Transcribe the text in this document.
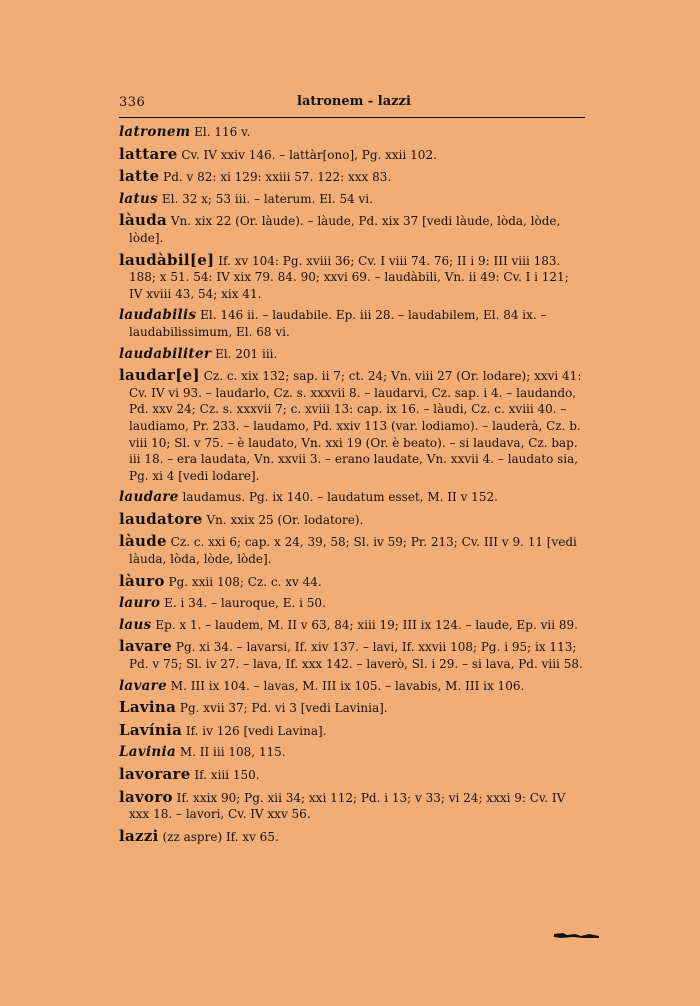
336	latronem - lazzi
latronem El. 116 v.
lattare Cv. IV xxiv 146. – lattàr[ono], Pg. xxii 102.
latte Pd. v 82: xi 129: xxiii 57. 122: xxx 83.
latus El. 32 x; 53 iii. – laterum. El. 54 vi.
làuda Vn. xix 22 (Or. làude). – làude, Pd. xix 37 [vedi làude, lòda, lòde, lòde].
laudàbil[e] If. xv 104: Pg. xviii 36; Cv. I viii 74. 76; II i 9: III viii 183. 188; x 51. 54: IV xix 79. 84. 90; xxvi 69. – laudàbili, Vn. ii 49: Cv. I i 121; IV xviii 43, 54; xix 41.
laudabilis El. 146 ii. – laudabile. Ep. iii 28. – laudabilem, El. 84 ix. – laudabilissimum, El. 68 vi.
laudabiliter El. 201 iii.
laudar[e] Cz. c. xix 132; sap. ii 7; ct. 24; Vn. viii 27 (Or. lodare); xxvi 41: Cv. IV vi 93. – laudarlo, Cz. s. xxxvii 8. – laudarvi, Cz. sap. i 4. – laudando, Pd. xxv 24; Cz. s. xxxvii 7; c. xviii 13: cap. ix 16. – làudi, Cz. c. xviii 40. – laudiamo, Pr. 233. – laudamo, Pd. xxiv 113 (var. lodiamo). – lauderà, Cz. b. viii 10; Sl. v 75. – è laudato, Vn. xxi 19 (Or. è beato). – si laudava, Cz. bap. iii 18. – era laudata, Vn. xxvii 3. – erano laudate, Vn. xxvii 4. – laudato sia, Pg. xi 4 [vedi lodare].
laudare laudamus. Pg. ix 140. – laudatum esset, M. II v 152.
laudatore Vn. xxix 25 (Or. lodatore).
làude Cz. c. xxi 6; cap. x 24, 39, 58; Sl. iv 59; Pr. 213; Cv. III v 9. 11 [vedi làuda, lòda, lòde, lòde].
làuro Pg. xxii 108; Cz. c. xv 44.
lauro E. i 34. – lauroque, E. i 50.
laus Ep. x 1. – laudem, M. II v 63, 84; xiii 19; III ix 124. – laude, Ep. vii 89.
lavare Pg. xi 34. – lavarsi, If. xiv 137. – lavi, If. xxvii 108; Pg. i 95; ix 113; Pd. v 75; Sl. iv 27. – lava, If. xxx 142. – laverò, Sl. i 29. – si lava, Pd. viii 58.
lavare M. III ix 104. – lavas, M. III ix 105. – lavabis, M. III ix 106.
Lavina Pg. xvii 37; Pd. vi 3 [vedi Lavinia].
Lavínia If. iv 126 [vedi Lavina].
Lavinia M. II iii 108, 115.
lavorare If. xiii 150.
lavoro If. xxix 90; Pg. xii 34; xxi 112; Pd. i 13; v 33; vi 24; xxxi 9: Cv. IV xxx 18. – lavori, Cv. IV xxv 56.
lazzi (zz aspre) If. xv 65.
